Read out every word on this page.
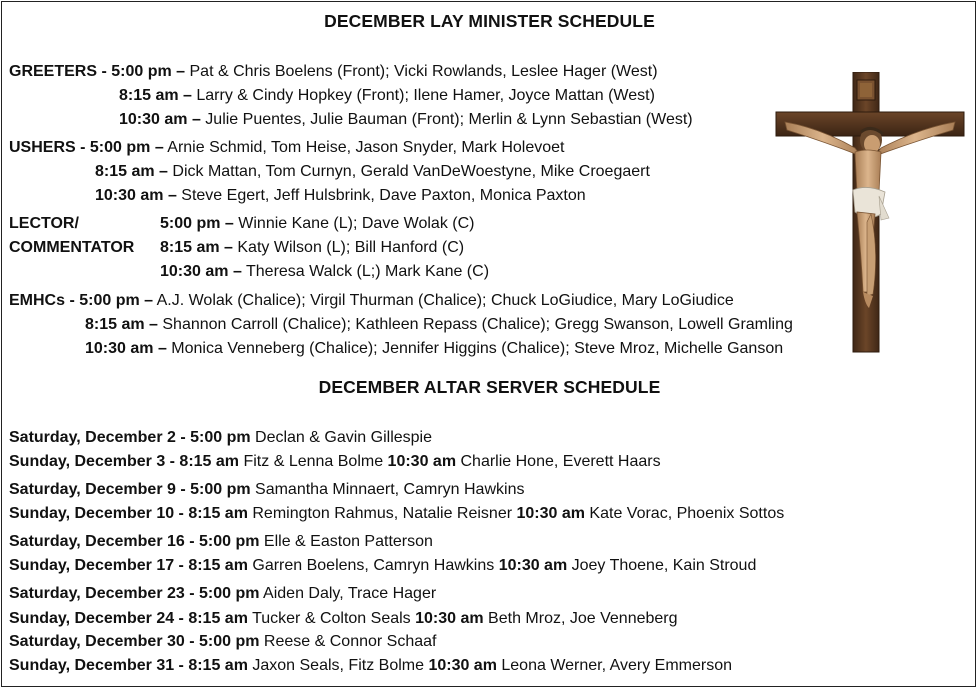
DECEMBER LAY MINISTER SCHEDULE
GREETERS - 5:00 pm – Pat & Chris Boelens (Front); Vicki Rowlands, Leslee Hager (West)
8:15 am – Larry & Cindy Hopkey (Front); Ilene Hamer, Joyce Mattan (West)
10:30 am – Julie Puentes, Julie Bauman (Front); Merlin & Lynn Sebastian (West)
USHERS - 5:00 pm – Arnie Schmid, Tom Heise, Jason Snyder, Mark Holevoet
8:15 am – Dick Mattan, Tom Curnyn, Gerald VanDeWoestyne, Mike Croegaert
10:30 am – Steve Egert, Jeff Hulsbrink, Dave Paxton, Monica Paxton
LECTOR/
COMMENTATOR
5:00 pm – Winnie Kane (L); Dave Wolak (C)
8:15 am – Katy Wilson (L); Bill Hanford (C)
10:30 am – Theresa Walck (L;) Mark Kane (C)
EMHCs - 5:00 pm – A.J. Wolak (Chalice); Virgil Thurman (Chalice); Chuck LoGiudice, Mary LoGiudice
8:15 am – Shannon Carroll (Chalice); Kathleen Repass (Chalice); Gregg Swanson, Lowell Gramling
10:30 am – Monica Venneberg (Chalice); Jennifer Higgins (Chalice); Steve Mroz, Michelle Ganson
DECEMBER ALTAR SERVER SCHEDULE
Saturday, December 2 - 5:00 pm Declan & Gavin Gillespie
Sunday, December 3 - 8:15 am Fitz & Lenna Bolme 10:30 am Charlie Hone, Everett Haars
Saturday, December 9 - 5:00 pm Samantha Minnaert, Camryn Hawkins
Sunday, December 10 - 8:15 am Remington Rahmus, Natalie Reisner 10:30 am Kate Vorac, Phoenix Sottos
Saturday, December 16 - 5:00 pm Elle & Easton Patterson
Sunday, December 17 - 8:15 am Garren Boelens, Camryn Hawkins 10:30 am Joey Thoene, Kain Stroud
Saturday, December 23 - 5:00 pm Aiden Daly, Trace Hager
Sunday, December 24 - 8:15 am Tucker & Colton Seals 10:30 am Beth Mroz, Joe Venneberg
Saturday, December 30 - 5:00 pm Reese & Connor Schaaf
Sunday, December 31 - 8:15 am Jaxon Seals, Fitz Bolme 10:30 am Leona Werner, Avery Emmerson
